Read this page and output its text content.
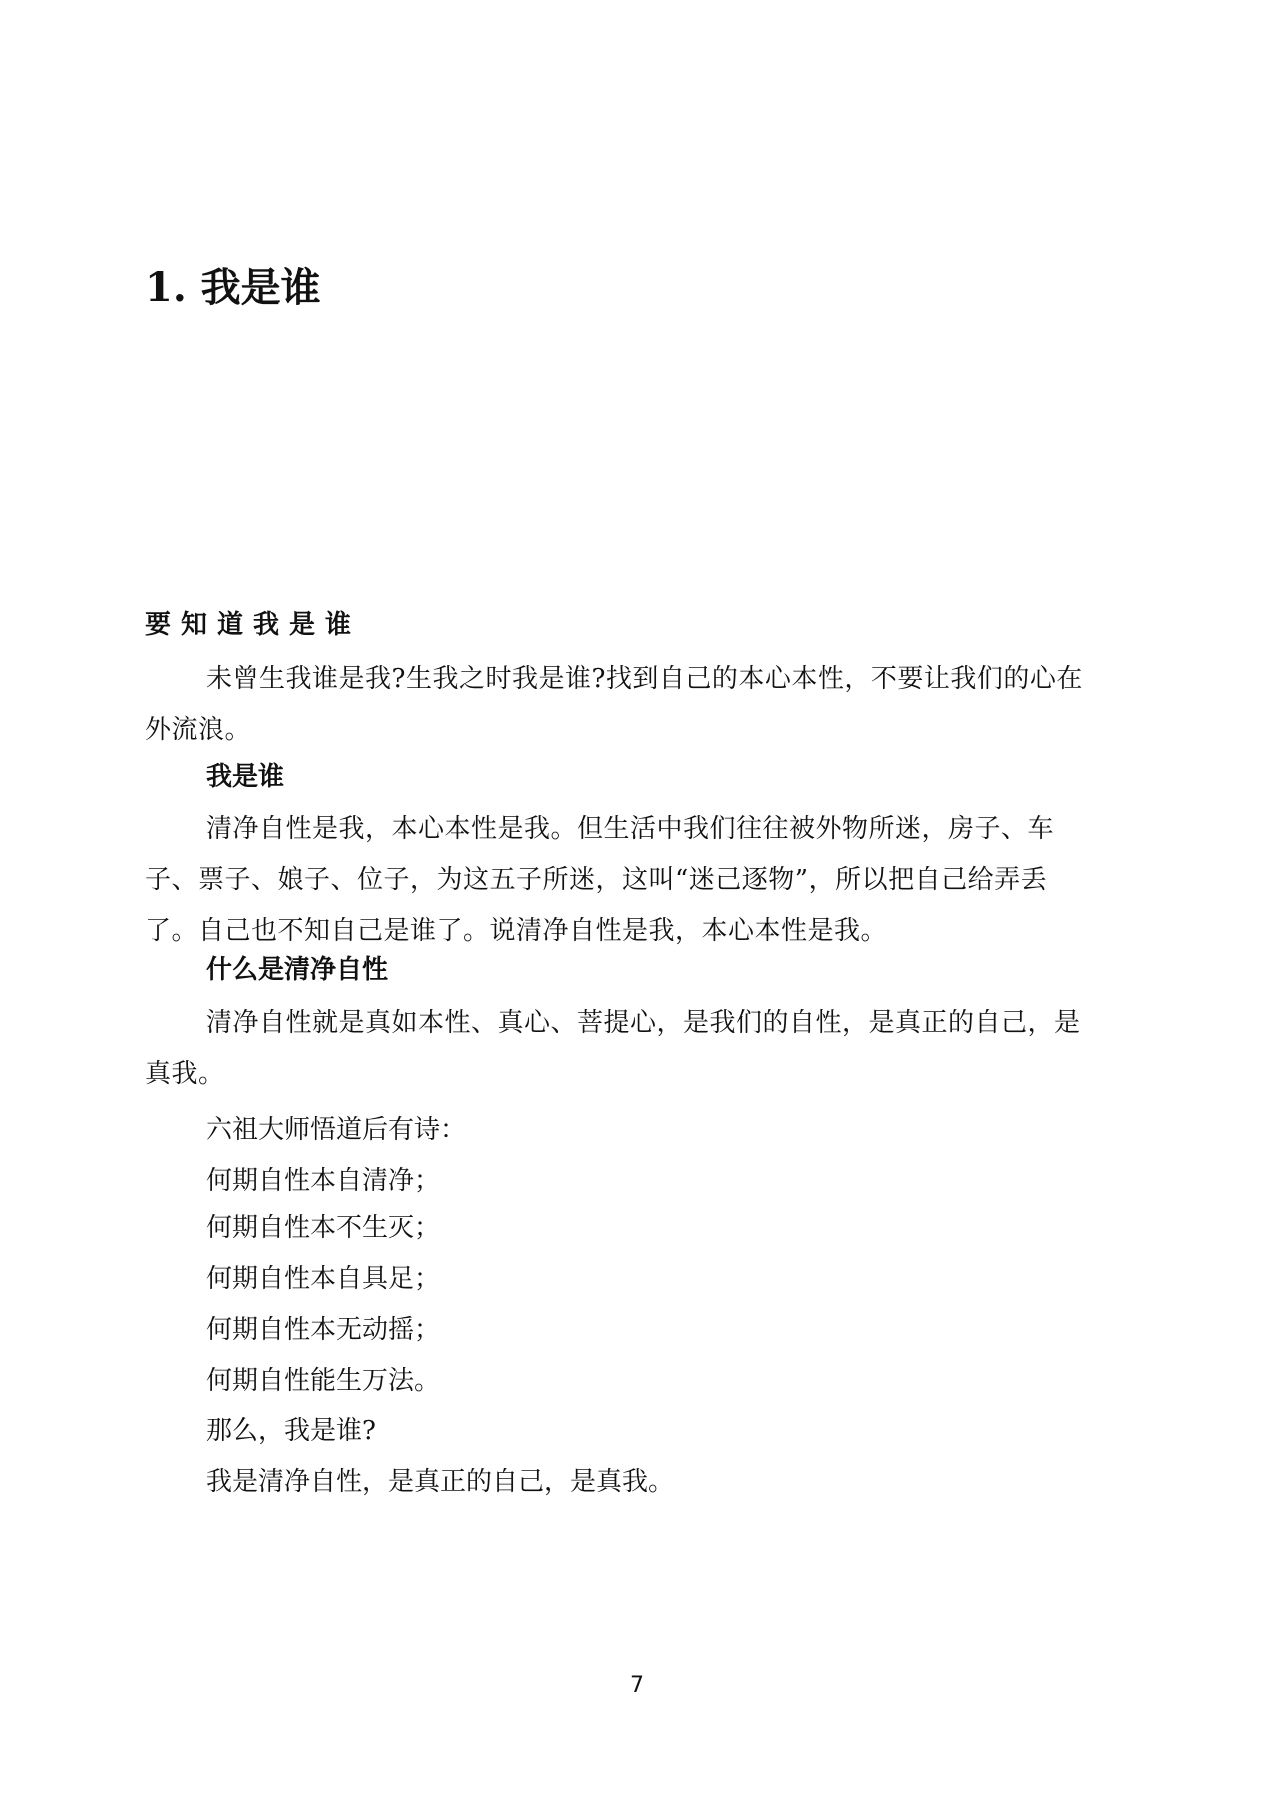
1. 我是谁
要知道我是谁

未曾生我谁是我?生我之时我是谁?找到自己的本心本性，不要让我们的心在外流浪。

我是谁

清净自性是我，本心本性是我。但生活中我们往往被外物所迷，房子、车子、票子、娘子、位子，为这五子所迷，这叫“迷己逐物”，所以把自己给弄丢了。自己也不知自己是谁了。说清净自性是我，本心本性是我。

什么是清净自性

清净自性就是真如本性、真心、菩提心，是我们的自性，是真正的自己，是真我。

六祖大师悟道后有诗：

何期自性本自清净；

何期自性本不生灭；

何期自性本自具足；

何期自性本无动摇；

何期自性能生万法。

那么，我是谁?

我是清净自性，是真正的自己，是真我。

7
